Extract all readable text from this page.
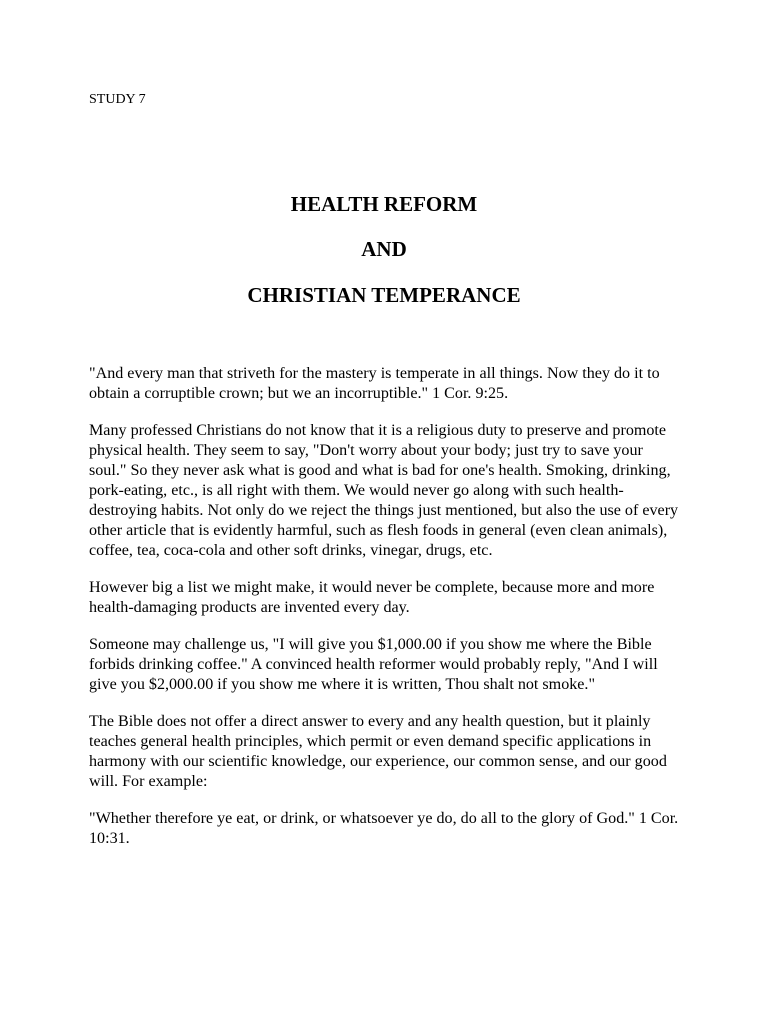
STUDY 7
HEALTH REFORM
AND
CHRISTIAN TEMPERANCE

"And every man that striveth for the mastery is temperate in all things. Now they do it to obtain a corruptible crown; but we an incorruptible." 1 Cor. 9:25.

Many professed Christians do not know that it is a religious duty to preserve and promote physical health. They seem to say, "Don't worry about your body; just try to save your soul." So they never ask what is good and what is bad for one's health. Smoking, drinking, pork-eating, etc., is all right with them. We would never go along with such health-destroying habits. Not only do we reject the things just mentioned, but also the use of every other article that is evidently harmful, such as flesh foods in general (even clean animals), coffee, tea, coca-cola and other soft drinks, vinegar, drugs, etc.

However big a list we might make, it would never be complete, because more and more health-damaging products are invented every day.

Someone may challenge us, "I will give you $1,000.00 if you show me where the Bible forbids drinking coffee." A convinced health reformer would probably reply, "And I will give you $2,000.00 if you show me where it is written, Thou shalt not smoke."

The Bible does not offer a direct answer to every and any health question, but it plainly teaches general health principles, which permit or even demand specific applications in harmony with our scientific knowledge, our experience, our common sense, and our good will. For example:

"Whether therefore ye eat, or drink, or whatsoever ye do, do all to the glory of God." 1 Cor. 10:31.
